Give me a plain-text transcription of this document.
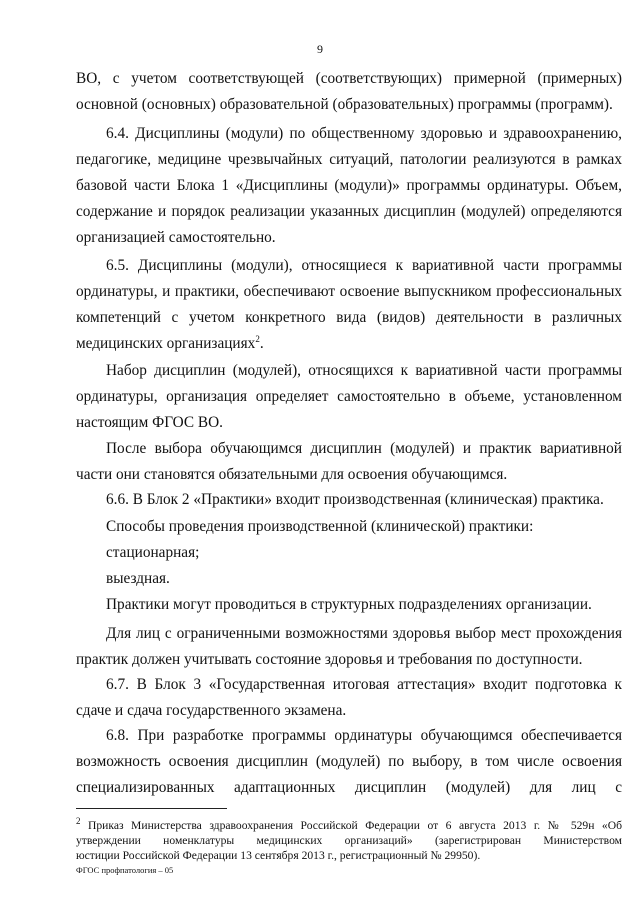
9
ВО, с учетом соответствующей (соответствующих) примерной (примерных)
основной (основных) образовательной (образовательных) программы (программ).
6.4. Дисциплины (модули) по общественному здоровью и здравоохранению,
педагогике, медицине чрезвычайных ситуаций, патологии реализуются в рамках
базовой части Блока 1 «Дисциплины (модули)» программы ординатуры. Объем,
содержание и порядок реализации указанных дисциплин (модулей) определяются
организацией самостоятельно.
6.5. Дисциплины (модули), относящиеся к вариативной части программы
ординатуры, и практики, обеспечивают освоение выпускником профессиональных
компетенций с учетом конкретного вида (видов) деятельности в различных
медицинских организациях$^2$.
Набор дисциплин (модулей), относящихся к вариативной части программы
ординатуры, организация определяет самостоятельно в объеме, установленном
настоящим ФГОС ВО.
После выбора обучающимся дисциплин (модулей) и практик вариативной
части они становятся обязательными для освоения обучающимся.
6.6. В Блок 2 «Практики» входит производственная (клиническая) практика.
Способы проведения производственной (клинической) практики:
стационарная;
выездная.
Практики могут проводиться в структурных подразделениях организации.
Для лиц с ограниченными возможностями здоровья выбор мест прохождения
практик должен учитывать состояние здоровья и требования по доступности.
6.7. В Блок 3 «Государственная итоговая аттестация» входит подготовка к
сдаче и сдача государственного экзамена.
6.8. При разработке программы ординатуры обучающимся обеспечивается
возможность освоения дисциплин (модулей) по выбору, в том числе освоения
специализированных адаптационных дисциплин (модулей) для лиц с
$^2$ Приказ Министерства здравоохранения Российской Федерации от 6 августа 2013 г. № 529н «Об
утверждении номенклатуры медицинских организаций» (зарегистрирован Министерством
юстиции Российской Федерации 13 сентября 2013 г., регистрационный № 29950).
ФГОС профпатология – 05
